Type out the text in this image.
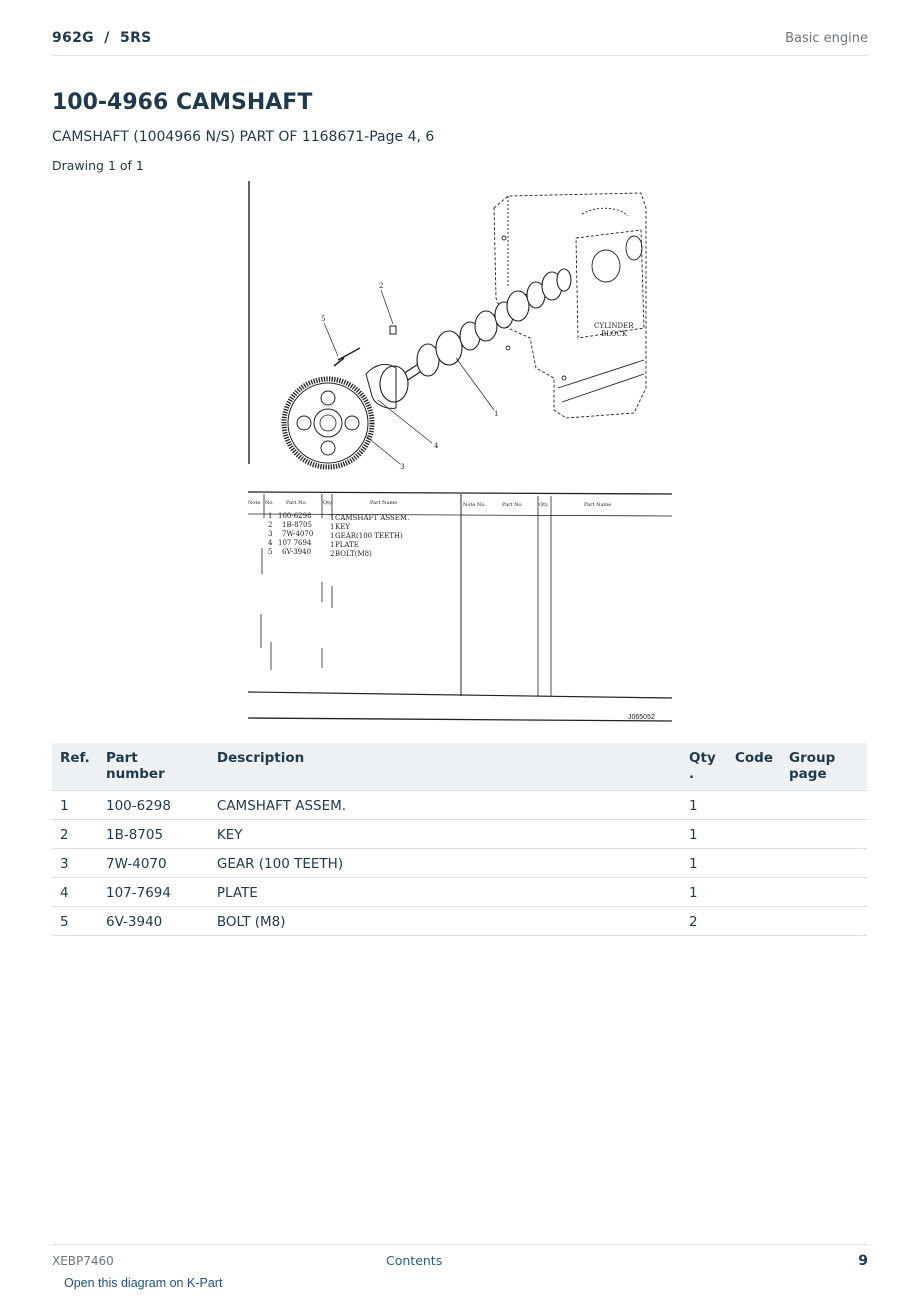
962G  /  5RS	Basic engine
100-4966 CAMSHAFT
CAMSHAFT (1004966 N/S) PART OF 1168671-Page 4, 6
Drawing 1 of 1
CYLINDER
BLOCK
2
5
1
4
3
Note No. Part No.	Qty.	Part Name	Note No.	Part No.	Qty.	Part Name
1 100-6298	1 CAMSHAFT ASSEM.
2 1B-8705	1 KEY
3 7W-4070 1 GEAR(100 TEETH)
4 107 7694	1 PLATE
5 6V-3940	2 BOLT(M8)
J065052
Ref.	Part number	Description	Qty
.	Code	Group page
1	100-6298	CAMSHAFT ASSEM.	1		
2	1B-8705	KEY	1		
3	7W-4070	GEAR (100 TEETH)	1		
4	107-7694	PLATE	1		
5	6V-3940	BOLT (M8)	2		
XEBP7460	Contents	9
Open this diagram on K-Part
